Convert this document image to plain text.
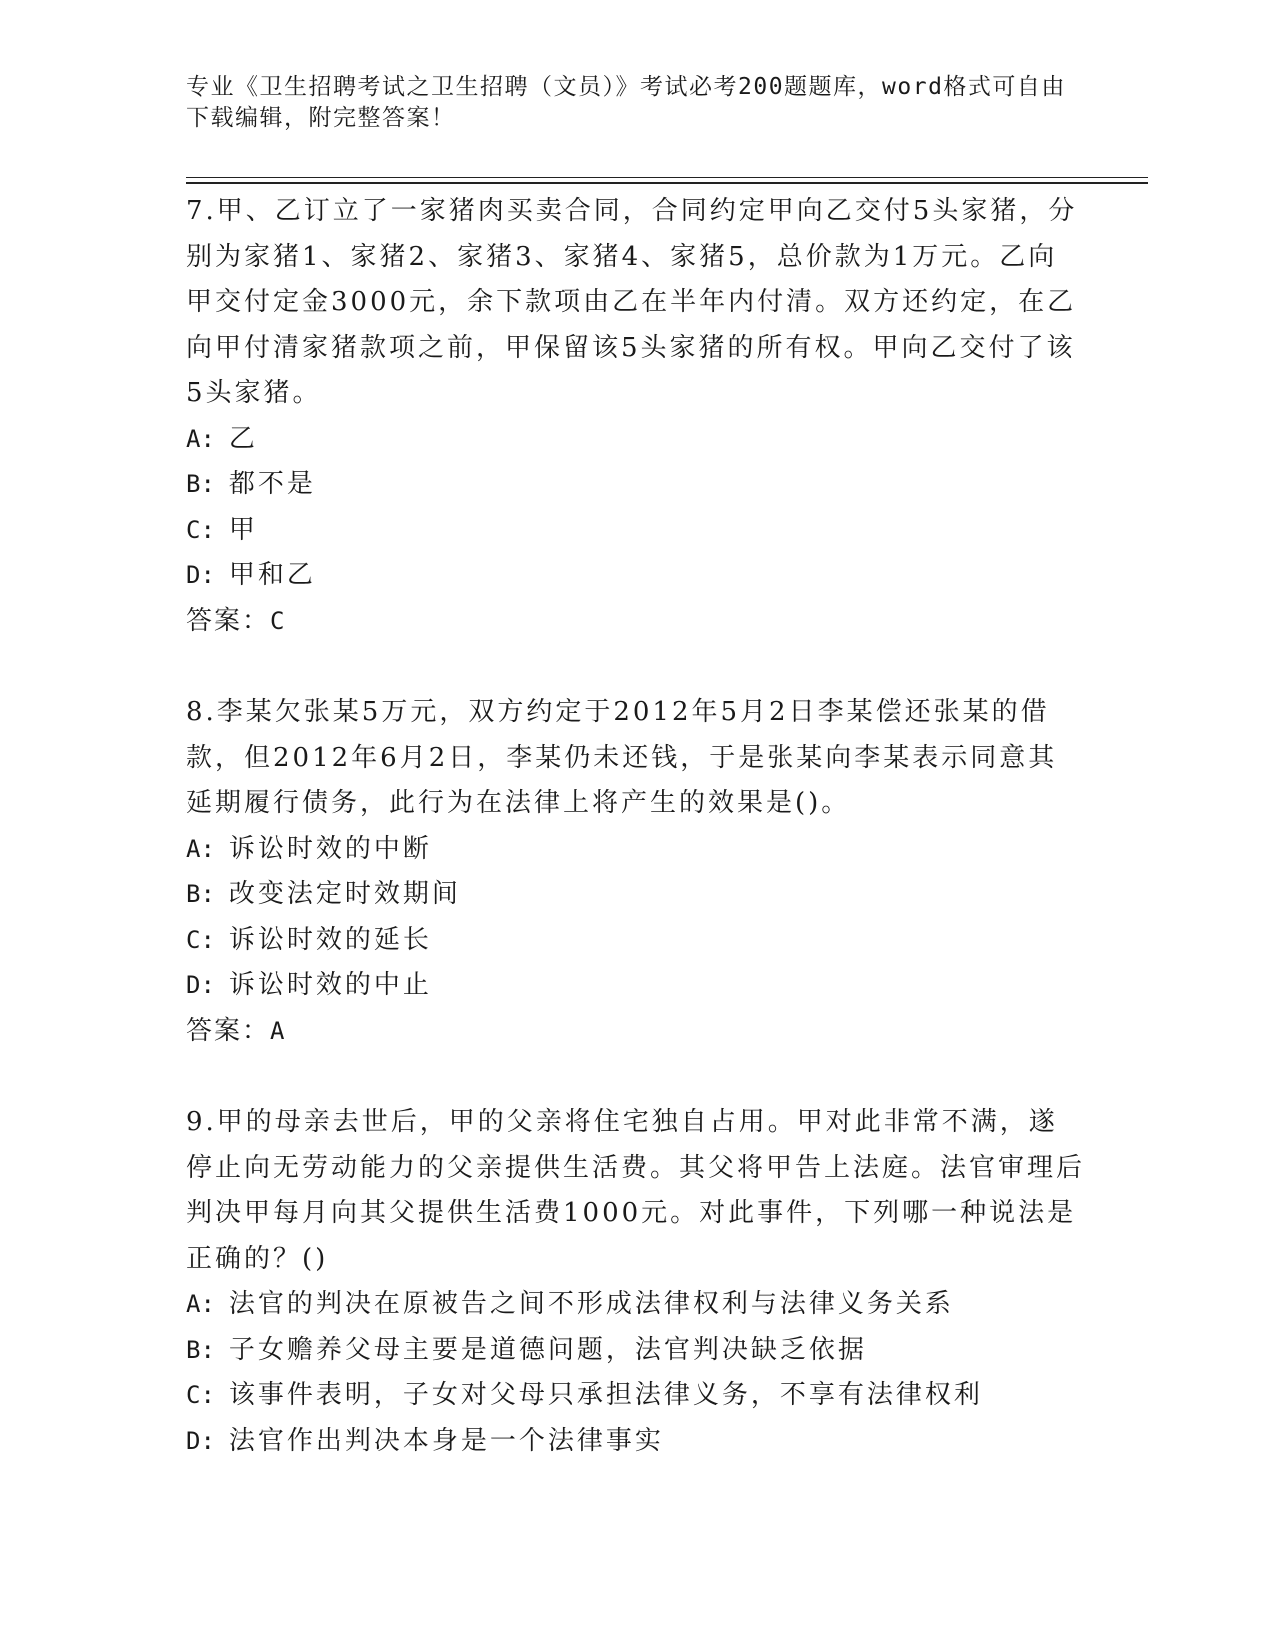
专业《卫生招聘考试之卫生招聘（文员）》考试必考200题题库，word格式可自由下载编辑，附完整答案！

7.甲、乙订立了一家猪肉买卖合同，合同约定甲向乙交付5头家猪，分别为家猪1、家猪2、家猪3、家猪4、家猪5，总价款为1万元。乙向甲交付定金3000元，余下款项由乙在半年内付清。双方还约定，在乙向甲付清家猪款项之前，甲保留该5头家猪的所有权。甲向乙交付了该5头家猪。

A: 乙

B: 都不是

C: 甲

D: 甲和乙

答案：C

8.李某欠张某5万元，双方约定于2012年5月2日李某偿还张某的借款，但2012年6月2日，李某仍未还钱，于是张某向李某表示同意其延期履行债务，此行为在法律上将产生的效果是()。

A: 诉讼时效的中断

B: 改变法定时效期间

C: 诉讼时效的延长

D: 诉讼时效的中止

答案：A

9.甲的母亲去世后，甲的父亲将住宅独自占用。甲对此非常不满，遂停止向无劳动能力的父亲提供生活费。其父将甲告上法庭。法官审理后判决甲每月向其父提供生活费1000元。对此事件，下列哪一种说法是正确的？()

A: 法官的判决在原被告之间不形成法律权利与法律义务关系

B: 子女赡养父母主要是道德问题，法官判决缺乏依据

C: 该事件表明，子女对父母只承担法律义务，不享有法律权利

D: 法官作出判决本身是一个法律事实
